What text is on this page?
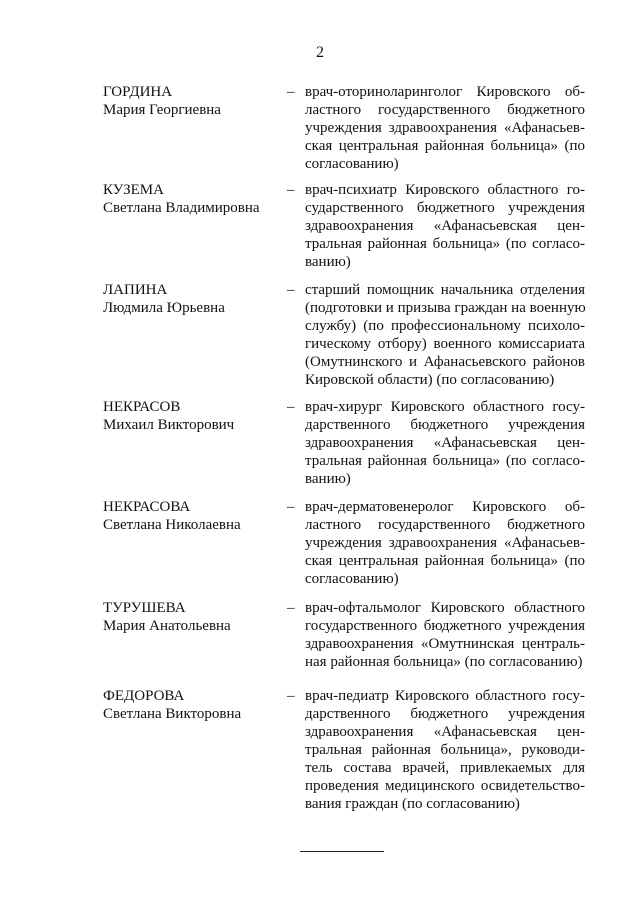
2
ГОРДИНА
Мария Георгиевна
– врач-оториноларинголог Кировского об-
ластного государственного бюджетного
учреждения здравоохранения «Афанасьев-
ская центральная районная больница» (по
согласованию)
КУЗЕМА
Светлана Владимировна
– врач-психиатр Кировского областного го-
сударственного бюджетного учреждения
здравоохранения «Афанасьевская цен-
тральная районная больница» (по согласо-
ванию)
ЛАПИНА
Людмила Юрьевна
– старший помощник начальника отделения
(подготовки и призыва граждан на военную
службу) (по профессиональному психоло-
гическому отбору) военного комиссариата
(Омутнинского и Афанасьевского районов
Кировской области) (по согласованию)
НЕКРАСОВ
Михаил Викторович
– врач-хирург Кировского областного госу-
дарственного бюджетного учреждения
здравоохранения «Афанасьевская цен-
тральная районная больница» (по согласо-
ванию)
НЕКРАСОВА
Светлана Николаевна
– врач-дерматовенеролог Кировского об-
ластного государственного бюджетного
учреждения здравоохранения «Афанасьев-
ская центральная районная больница» (по
согласованию)
ТУРУШЕВА
Мария Анатольевна
– врач-офтальмолог Кировского областного
государственного бюджетного учреждения
здравоохранения «Омутнинская централь-
ная районная больница» (по согласованию)
ФЕДОРОВА
Светлана Викторовна
– врач-педиатр Кировского областного госу-
дарственного бюджетного учреждения
здравоохранения «Афанасьевская цен-
тральная районная больница», руководи-
тель состава врачей, привлекаемых для
проведения медицинского освидетельство-
вания граждан (по согласованию)
